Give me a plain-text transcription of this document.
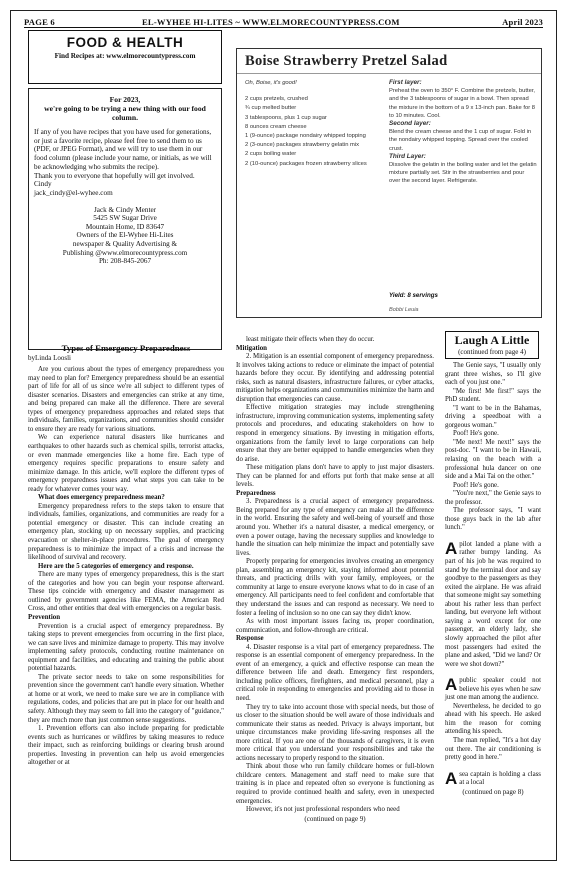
PAGE 6	EL-WYHEE HI-LITES ~ WWW.ELMORECOUNTYPRESS.COM	April 2023
FOOD & HEALTH
Find Recipes at: www.elmorecountypress.com
For 2023,
we're going to be trying a new thing with our food column.
If any of you have recipes that you have used for generations, or just a favorite recipe, please feel free to send them to us (PDF, or JPEG Format), and we will try to use them in our food column (please include your name, or initials, as we will be acknowledging who submits the recipe).
Thank you to everyone that hopefully will get involved.
Cindy
jack_cindy@el-wyhee.com
Jack & Cindy Menter
5425 SW Sugar Drive
Mountain Home, ID 83647
Owners of the El-Wyhee Hi-Lites
newspaper & Quality Advertising &
Publishing @www.elmorecountypress.com
Ph: 208-845-2067
Boise Strawberry Pretzel Salad
Oh, Boise, it's good!
2 cups pretzels, crushed
¾ cup melted butter
3 tablespoons, plus 1 cup sugar
8 ounces cream cheese
1 (9-ounce) package nondairy whipped topping
2 (3-ounce) packages strawberry gelatin mix
2 cups boiling water
2 (10-ounce) packages frozen strawberry slices
First layer:
Preheat the oven to 350° F. Combine the pretzels, butter, and the 3 tablespoons of sugar in a bowl. Then spread the mixture in the bottom of a 9 x 13-inch pan. Bake for 8 to 10 minutes. Cool.
Second layer:
Blend the cream cheese and the 1 cup of sugar. Fold in the nondairy whipped topping. Spread over the cooled crust.
Third Layer:
Dissolve the gelatin in the boiling water and let the gelatin mixture partially set. Stir in the strawberries and pour over the second layer. Refrigerate.
Yield: 8 servings
Bobbi Leuia

Types of Emergency Preparedness

byLinda Loosli

Are you curious about the types of emergency preparedness you may need to plan for? Emergency preparedness should be an essential part of life for all of us since we're all subject to different types of disaster scenarios. Disasters and emergencies can strike at any time, and being prepared can make all the difference. There are several types of emergency preparedness approaches and related steps that individuals, families, organizations, and communities should consider to ensure they are ready for various situations.

We can experience natural disasters like hurricanes and earthquakes to other hazards such as chemical spills, terrorist attacks, or even manmade emergencies like a home fire. Each type of emergency requires specific preparations to ensure safety and minimize damage. In this article, we'll explore the different types of emergency preparedness issues and what steps you can take to be ready for whatever comes your way.

What does emergency preparedness mean?

Emergency preparedness refers to the steps taken to ensure that individuals, families, organizations, and communities are ready for a potential emergency or disaster. This can include creating an emergency plan, stocking up on necessary supplies, and practicing evacuation or shelter-in-place procedures. The goal of emergency preparedness is to minimize the impact of a crisis and increase the likelihood of survival and recovery.

Here are the 5 categories of emergency and response.

There are many types of emergency preparedness, this is the start of the categories and how you can begin your response afterward. These tips coincide with emergency and disaster management as outlined by government agencies like FEMA, the American Red Cross, and other entities that deal with emergencies on a regular basis.

Prevention

Prevention is a crucial aspect of emergency preparedness. By taking steps to prevent emergencies from occurring in the first place, we can save lives and minimize damage to property. This may involve implementing safety protocols, conducting routine maintenance on equipment and facilities, and educating and training the public about potential hazards.

The private sector needs to take on some responsibilities for prevention since the government can't handle every situation. Whether at home or at work, we need to make sure we are in compliance with regulations, codes, and policies that are put in place for our health and safety. Although they may seem to fall into the category of "guidance," they are much more than just common sense suggestions.

1. Prevention efforts can also include preparing for predictable events such as hurricanes or wildfires by taking measures to reduce their impact, such as reinforcing buildings or clearing brush around properties. Investing in prevention can help us avoid emergencies altogether or at

least mitigate their effects when they do occur.

Mitigation

2. Mitigation is an essential component of emergency preparedness. It involves taking actions to reduce or eliminate the impact of potential hazards before they occur. By identifying and addressing potential risks, such as natural disasters, infrastructure failures, or cyber attacks, mitigation helps organizations and communities minimize the harm and disruption that emergencies can cause.

Effective mitigation strategies may include strengthening infrastructure, improving communication systems, implementing safety protocols and procedures, and educating stakeholders on how to respond in emergency situations. By investing in mitigation efforts, organizations from the family level to large corporations can help ensure that they are better equipped to handle emergencies when they do arise.

These mitigation plans don't have to apply to just major disasters. They can be planned for and efforts put forth that make sense at all levels.

Preparedness

3. Preparedness is a crucial aspect of emergency preparedness. Being prepared for any type of emergency can make all the difference in the world. Ensuring the safety and well-being of yourself and those around you. Whether it's a natural disaster, a medical emergency, or even a power outage, having the necessary supplies and knowledge to handle the situation can help minimize the impact and potentially save lives.

Properly preparing for emergencies involves creating an emergency plan, assembling an emergency kit, staying informed about potential threats, and practicing drills with your family, employees, or the community at large to ensure everyone knows what to do in case of an emergency. All participants need to feel confident and comfortable that they understand the issues and can respond as necessary. We need to foster a feeling of inclusion so no one can say they didn't know.

As with most important issues facing us, proper coordination, communication, and follow-through are critical.

Response

4. Disaster response is a vital part of emergency preparedness. The response is an essential component of emergency preparedness. In the event of an emergency, a quick and effective response can mean the difference between life and death. Emergency first responders, including police officers, firefighters, and medical personnel, play a critical role in responding to emergencies and providing aid to those in need.

They try to take into account those with special needs, but those of us closer to the situation should be well aware of those individuals and communicate their status as needed. Privacy is always important, but unique circumstances make providing life-saving responses all the more critical. If you are one of the thousands of caregivers, it is even more critical that you understand your responsibilities and take the actions necessary to properly respond to the situation.

Think about those who run family childcare homes or full-blown childcare centers. Management and staff need to make sure that training is in place and repeated often so everyone is functioning as required to provide continued health and safety, even in unexpected emergencies.

However, it's not just professional responders who need

(continued on page 9)

Laugh A Little
(continued from page 4)

The Genie says, "I usually only grant three wishes, so I'll give each of you just one."

"Me first! Me first!" says the PhD student.

"I want to be in the Bahamas, driving a speedboat with a gorgeous woman."

Poof! He's gone.

"Me next! Me next!" says the post-doc. "I want to be in Hawaii, relaxing on the beach with a professional hula dancer on one side and a Mai Tai on the other."

Poof! He's gone.

"You're next," the Genie says to the professor.

The professor says, "I want those guys back in the lab after lunch."

A pilot landed a plane with a rather bumpy landing. As part of his job he was required to stand by the terminal door and say goodbye to the passengers as they exited the airplane. He was afraid that someone might say something about his rather less than perfect landing, but everyone left without saying a word except for one passenger, an elderly lady, she slowly approached the pilot after most passengers had exited the plane and asked, "Did we land? Or were we shot down?"

A public speaker could not believe his eyes when he saw just one man among the audience.

Nevertheless, he decided to go ahead with his speech. He asked him the reason for coming attending his speech.

The man replied, "It's a hot day out there. The air conditioning is pretty good in here."

A sea captain is holding a class at a local

(continued on page 8)
